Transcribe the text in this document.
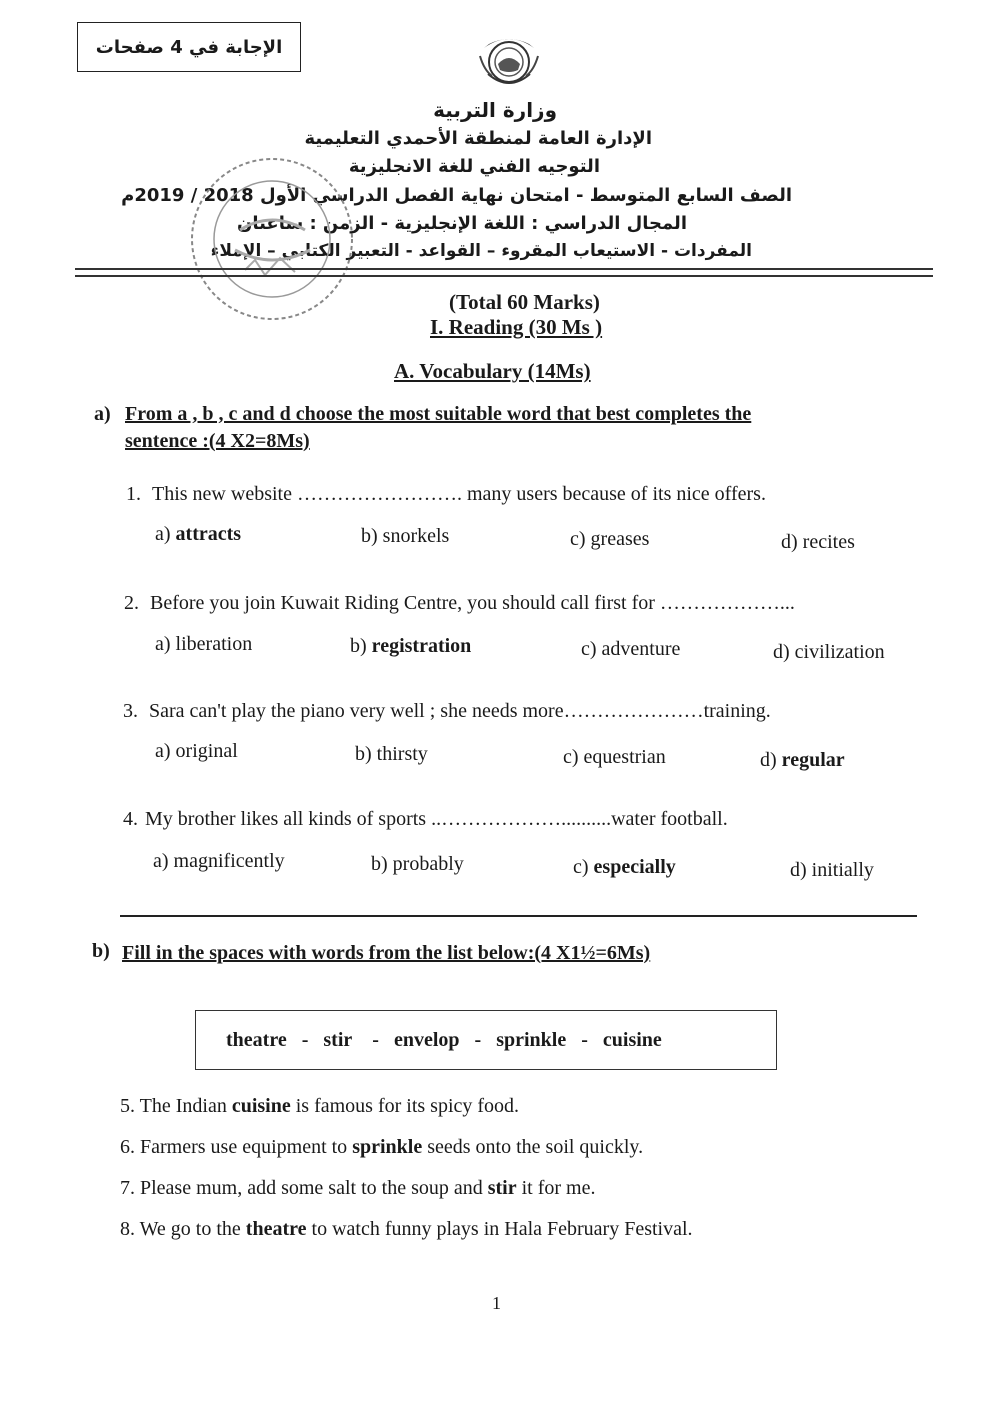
الإجابة في 4 صفحات
وزارة التربية
الإدارة العامة لمنطقة الأحمدي التعليمية
التوجيه الفني للغة الانجليزية
الصف السابع المتوسط - امتحان نهاية الفصل الدراسي الأول 2018 / 2019م
المجال الدراسي : اللغة الإنجليزية - الزمن : ساعتان
المفردات - الاستيعاب المقروء – القواعد - التعبير الكتابي – الإملاء
(Total 60 Marks)
I. Reading (30 Ms )
A. Vocabulary (14Ms)
a) From a , b , c and d choose the most suitable word that best completes the
sentence :(4 X2=8Ms)
1. This new website ……………………. many users because of its nice offers.
a) attracts	b) snorkels	c) greases	d) recites
2. Before you join Kuwait Riding Centre, you should call first for ………………...
a) liberation	b) registration	c) adventure	d) civilization
3. Sara can't play the piano very well ; she needs more…………………training.
a) original	b) thirsty	c) equestrian	d) regular
4. My brother likes all kinds of sports ..………………..........water football.
a) magnificently	b) probably	c) especially	d) initially
b) Fill in the spaces with words from the list below:(4 X1½=6Ms)
theatre - stir - envelop - sprinkle - cuisine
5. The Indian cuisine is famous for its spicy food.
6. Farmers use equipment to sprinkle seeds onto the soil quickly.
7. Please mum, add some salt to the soup and stir it for me.
8. We go to the theatre to watch funny plays in Hala February Festival.
1
